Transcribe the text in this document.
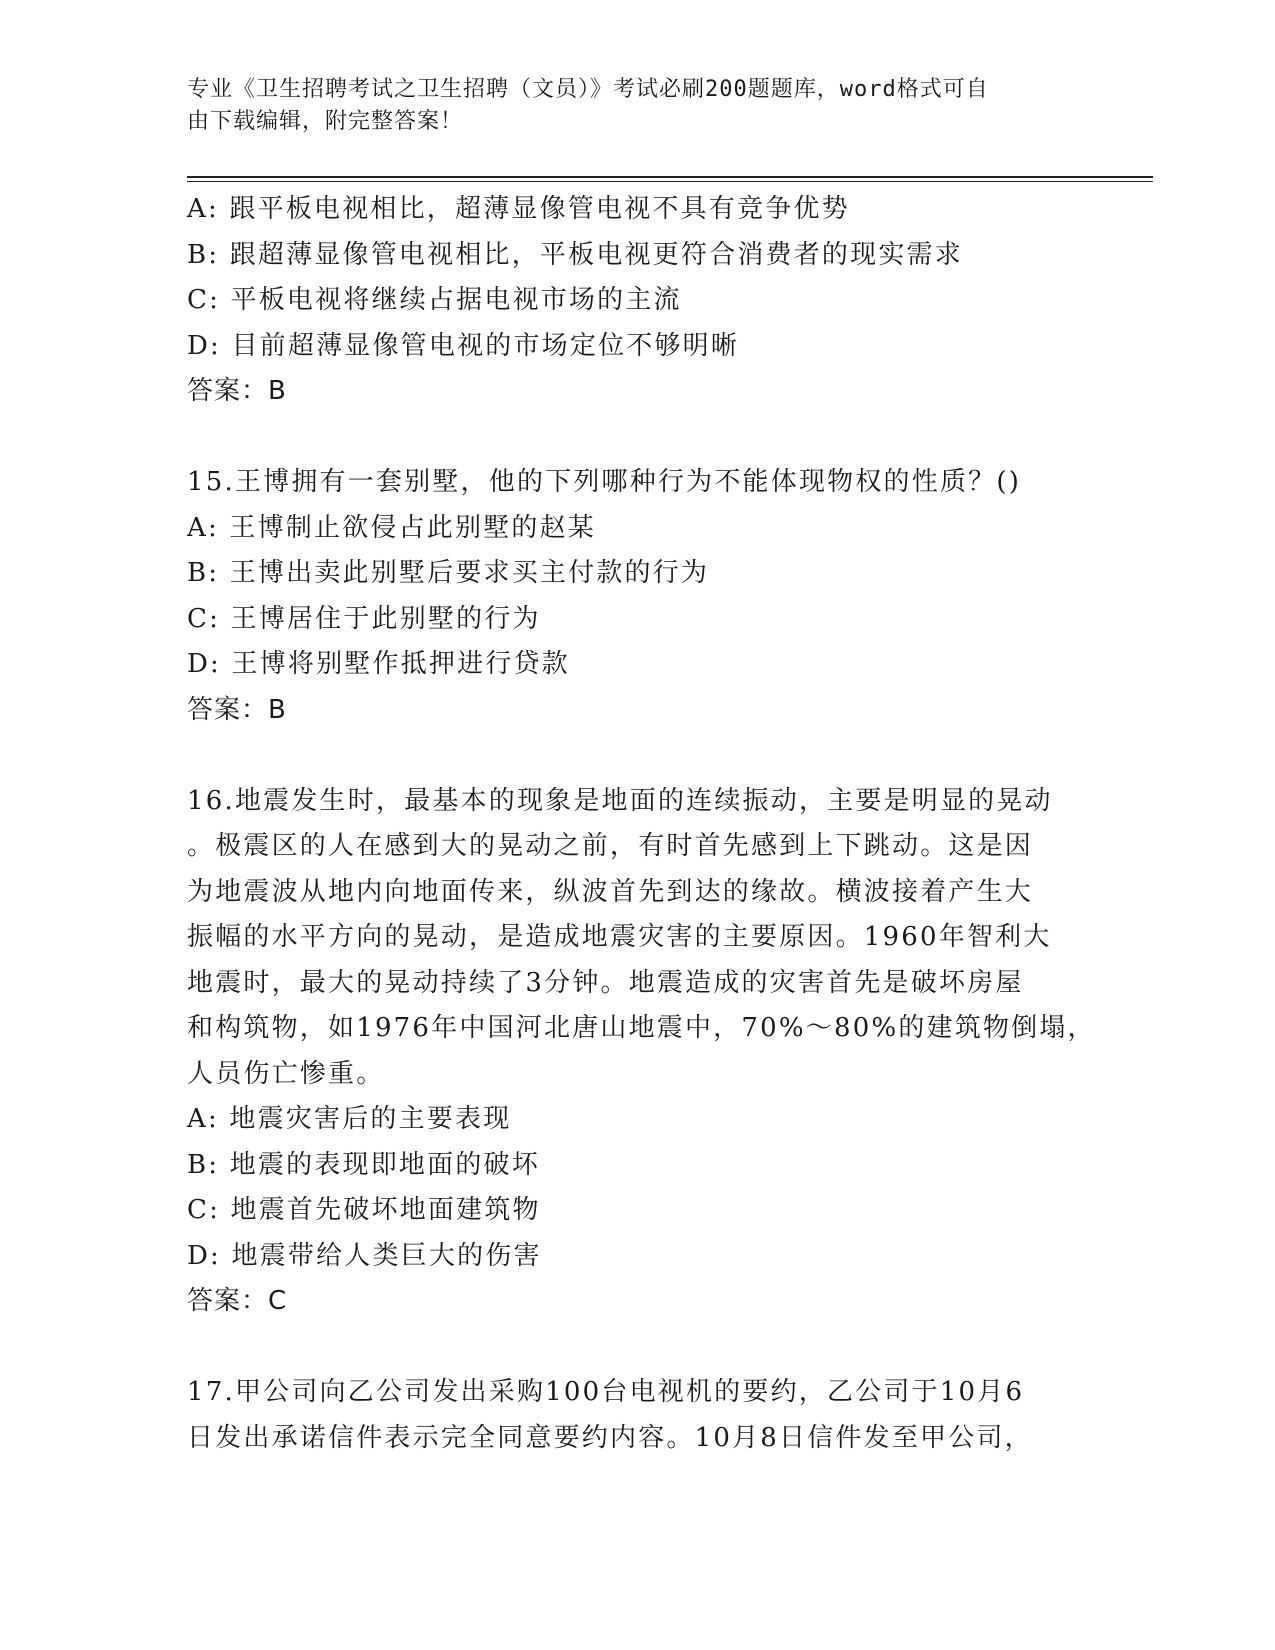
专业《卫生招聘考试之卫生招聘（文员）》考试必刷200题题库，word格式可自
由下载编辑，附完整答案！
A: 跟平板电视相比，超薄显像管电视不具有竞争优势
B: 跟超薄显像管电视相比，平板电视更符合消费者的现实需求
C: 平板电视将继续占据电视市场的主流
D: 目前超薄显像管电视的市场定位不够明晰
答案：B
15.王博拥有一套别墅，他的下列哪种行为不能体现物权的性质？()
A: 王博制止欲侵占此别墅的赵某
B: 王博出卖此别墅后要求买主付款的行为
C: 王博居住于此别墅的行为
D: 王博将别墅作抵押进行贷款
答案：B
16.地震发生时，最基本的现象是地面的连续振动，主要是明显的晃动
。极震区的人在感到大的晃动之前，有时首先感到上下跳动。这是因
为地震波从地内向地面传来，纵波首先到达的缘故。横波接着产生大
振幅的水平方向的晃动，是造成地震灾害的主要原因。1960年智利大
地震时，最大的晃动持续了3分钟。地震造成的灾害首先是破坏房屋
和构筑物，如1976年中国河北唐山地震中，70%～80%的建筑物倒塌，
人员伤亡惨重。
A: 地震灾害后的主要表现
B: 地震的表现即地面的破坏
C: 地震首先破坏地面建筑物
D: 地震带给人类巨大的伤害
答案：C
17.甲公司向乙公司发出采购100台电视机的要约，乙公司于10月6
日发出承诺信件表示完全同意要约内容。10月8日信件发至甲公司，
